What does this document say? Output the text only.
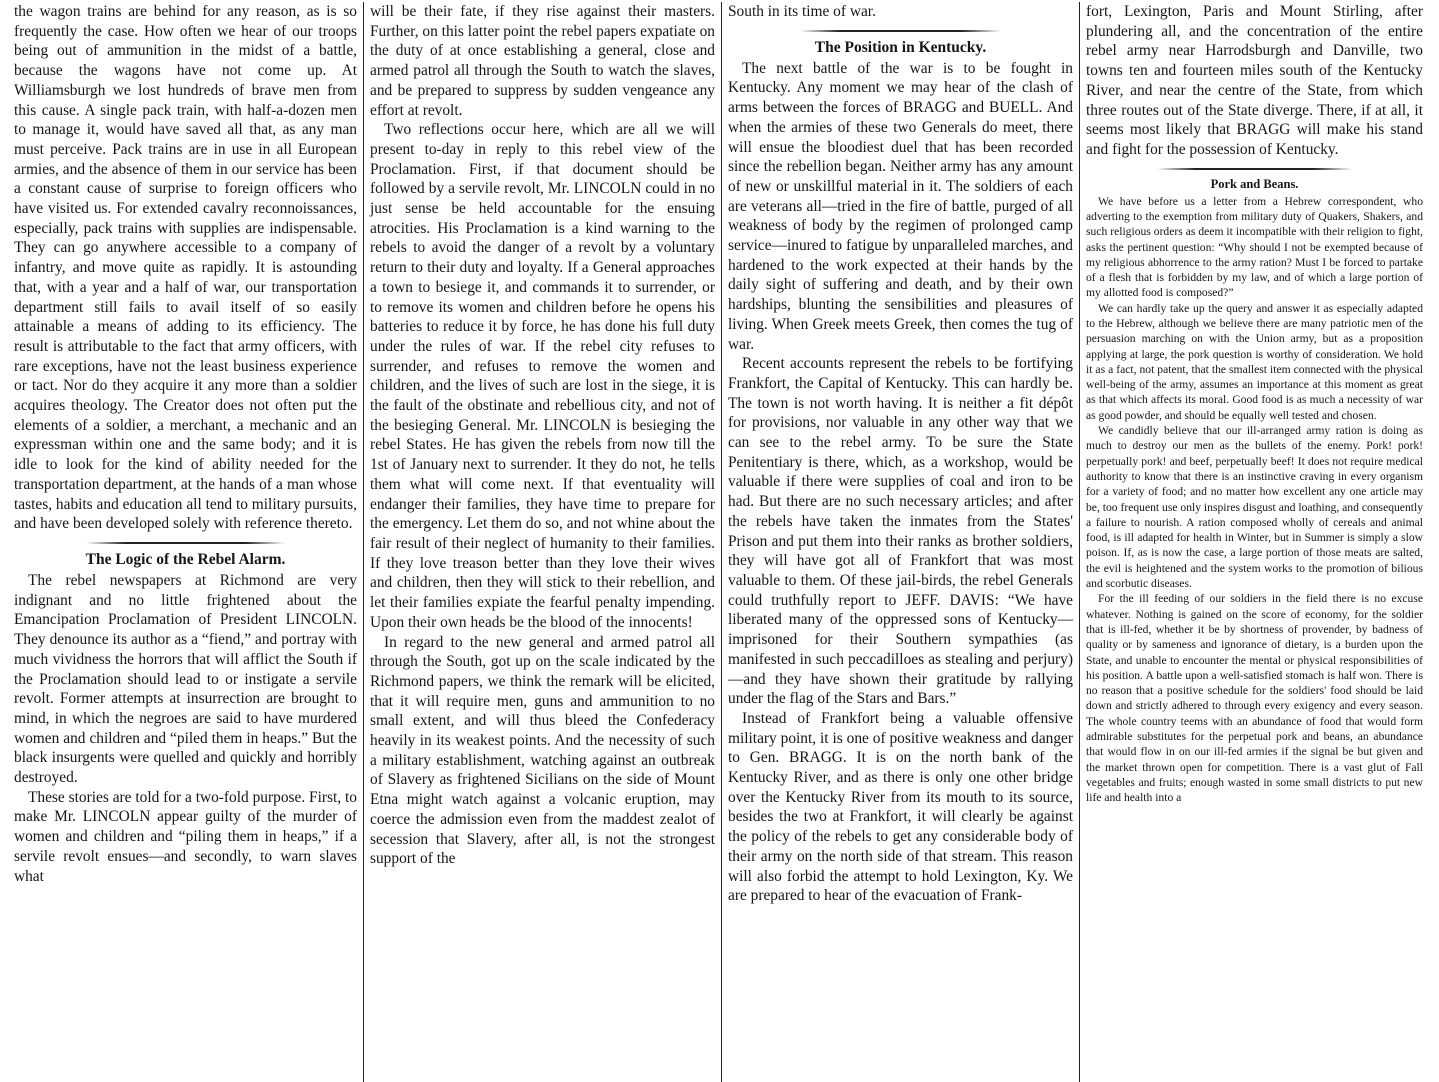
the wagon trains are behind for any reason, as is so frequently the case. How often we hear of our troops being out of ammunition in the midst of a battle, because the wagons have not come up. At Williamsburgh we lost hundreds of brave men from this cause. A single pack train, with half-a-dozen men to manage it, would have saved all that, as any man must perceive. Pack trains are in use in all European armies, and the absence of them in our service has been a constant cause of surprise to foreign officers who have visited us. For extended cavalry reconnoissances, especially, pack trains with supplies are indispensable. They can go anywhere accessible to a company of infantry, and move quite as rapidly. It is astounding that, with a year and a half of war, our transportation department still fails to avail itself of so easily attainable a means of adding to its efficiency. The result is attributable to the fact that army officers, with rare exceptions, have not the least business experience or tact. Nor do they acquire it any more than a soldier acquires theology. The Creator does not often put the elements of a soldier, a merchant, a mechanic and an expressman within one and the same body; and it is idle to look for the kind of ability needed for the transportation department, at the hands of a man whose tastes, habits and education all tend to military pursuits, and have been developed solely with reference thereto.

The Logic of the Rebel Alarm.

The rebel newspapers at Richmond are very indignant and no little frightened about the Emancipation Proclamation of President LINCOLN. They denounce its author as a “fiend,” and portray with much vividness the horrors that will afflict the South if the Proclamation should lead to or instigate a servile revolt. Former attempts at insurrection are brought to mind, in which the negroes are said to have murdered women and children and “piled them in heaps.” But the black insurgents were quelled and quickly and horribly destroyed.

These stories are told for a two-fold purpose. First, to make Mr. LINCOLN appear guilty of the murder of women and children and “piling them in heaps,” if a servile revolt ensues—and secondly, to warn slaves what

will be their fate, if they rise against their masters. Further, on this latter point the rebel papers expatiate on the duty of at once establishing a general, close and armed patrol all through the South to watch the slaves, and be prepared to suppress by sudden vengeance any effort at revolt.

Two reflections occur here, which are all we will present to-day in reply to this rebel view of the Proclamation. First, if that document should be followed by a servile revolt, Mr. LINCOLN could in no just sense be held accountable for the ensuing atrocities. His Proclamation is a kind warning to the rebels to avoid the danger of a revolt by a voluntary return to their duty and loyalty. If a General approaches a town to besiege it, and commands it to surrender, or to remove its women and children before he opens his batteries to reduce it by force, he has done his full duty under the rules of war. If the rebel city refuses to surrender, and refuses to remove the women and children, and the lives of such are lost in the siege, it is the fault of the obstinate and rebellious city, and not of the besieging General. Mr. LINCOLN is besieging the rebel States. He has given the rebels from now till the 1st of January next to surrender. It they do not, he tells them what will come next. If that eventuality will endanger their families, they have time to prepare for the emergency. Let them do so, and not whine about the fair result of their neglect of humanity to their families. If they love treason better than they love their wives and children, then they will stick to their rebellion, and let their families expiate the fearful penalty impending. Upon their own heads be the blood of the innocents!

In regard to the new general and armed patrol all through the South, got up on the scale indicated by the Richmond papers, we think the remark will be elicited, that it will require men, guns and ammunition to no small extent, and will thus bleed the Confederacy heavily in its weakest points. And the necessity of such a military establishment, watching against an outbreak of Slavery as frightened Sicilians on the side of Mount Etna might watch against a volcanic eruption, may coerce the admission even from the maddest zealot of secession that Slavery, after all, is not the strongest support of the

South in its time of war.

The Position in Kentucky.

The next battle of the war is to be fought in Kentucky. Any moment we may hear of the clash of arms between the forces of BRAGG and BUELL. And when the armies of these two Generals do meet, there will ensue the bloodiest duel that has been recorded since the rebellion began. Neither army has any amount of new or unskillful material in it. The soldiers of each are veterans all—tried in the fire of battle, purged of all weakness of body by the regimen of prolonged camp service—inured to fatigue by unparalleled marches, and hardened to the work expected at their hands by the daily sight of suffering and death, and by their own hardships, blunting the sensibilities and pleasures of living. When Greek meets Greek, then comes the tug of war.

Recent accounts represent the rebels to be fortifying Frankfort, the Capital of Kentucky. This can hardly be. The town is not worth having. It is neither a fit dépôt for provisions, nor valuable in any other way that we can see to the rebel army. To be sure the State Penitentiary is there, which, as a workshop, would be valuable if there were supplies of coal and iron to be had. But there are no such necessary articles; and after the rebels have taken the inmates from the States' Prison and put them into their ranks as brother soldiers, they will have got all of Frankfort that was most valuable to them. Of these jail-birds, the rebel Generals could truthfully report to JEFF. DAVIS: “We have liberated many of the oppressed sons of Kentucky—imprisoned for their Southern sympathies (as manifested in such peccadilloes as stealing and perjury)—and they have shown their gratitude by rallying under the flag of the Stars and Bars.”

Instead of Frankfort being a valuable offensive military point, it is one of positive weakness and danger to Gen. BRAGG. It is on the north bank of the Kentucky River, and as there is only one other bridge over the Kentucky River from its mouth to its source, besides the two at Frankfort, it will clearly be against the policy of the rebels to get any considerable body of their army on the north side of that stream. This reason will also forbid the attempt to hold Lexington, Ky. We are prepared to hear of the evacuation of Frank-

fort, Lexington, Paris and Mount Stirling, after plundering all, and the concentration of the entire rebel army near Harrodsburgh and Danville, two towns ten and fourteen miles south of the Kentucky River, and near the centre of the State, from which three routes out of the State diverge. There, if at all, it seems most likely that BRAGG will make his stand and fight for the possession of Kentucky.

Pork and Beans.

We have before us a letter from a Hebrew correspondent, who adverting to the exemption from military duty of Quakers, Shakers, and such religious orders as deem it incompatible with their religion to fight, asks the pertinent question: “Why should I not be exempted because of my religious abhorrence to the army ration? Must I be forced to partake of a flesh that is forbidden by my law, and of which a large portion of my allotted food is composed?”

We can hardly take up the query and answer it as especially adapted to the Hebrew, although we believe there are many patriotic men of the persuasion marching on with the Union army, but as a proposition applying at large, the pork question is worthy of consideration. We hold it as a fact, not patent, that the smallest item connected with the physical well-being of the army, assumes an importance at this moment as great as that which affects its moral. Good food is as much a necessity of war as good powder, and should be equally well tested and chosen.

We candidly believe that our ill-arranged army ration is doing as much to destroy our men as the bullets of the enemy. Pork! pork! perpetually pork! and beef, perpetually beef! It does not require medical authority to know that there is an instinctive craving in every organism for a variety of food; and no matter how excellent any one article may be, too frequent use only inspires disgust and loathing, and consequently a failure to nourish. A ration composed wholly of cereals and animal food, is ill adapted for health in Winter, but in Summer is simply a slow poison. If, as is now the case, a large portion of those meats are salted, the evil is heightened and the system works to the promotion of bilious and scorbutic diseases.

For the ill feeding of our soldiers in the field there is no excuse whatever. Nothing is gained on the score of economy, for the soldier that is ill-fed, whether it be by shortness of provender, by badness of quality or by sameness and ignorance of dietary, is a burden upon the State, and unable to encounter the mental or physical responsibilities of his position. A battle upon a well-satisfied stomach is half won. There is no reason that a positive schedule for the soldiers' food should be laid down and strictly adhered to through every exigency and every season. The whole country teems with an abundance of food that would form admirable substitutes for the perpetual pork and beans, an abundance that would flow in on our ill-fed armies if the signal be but given and the market thrown open for competition. There is a vast glut of Fall vegetables and fruits; enough wasted in some small districts to put new life and health into a
